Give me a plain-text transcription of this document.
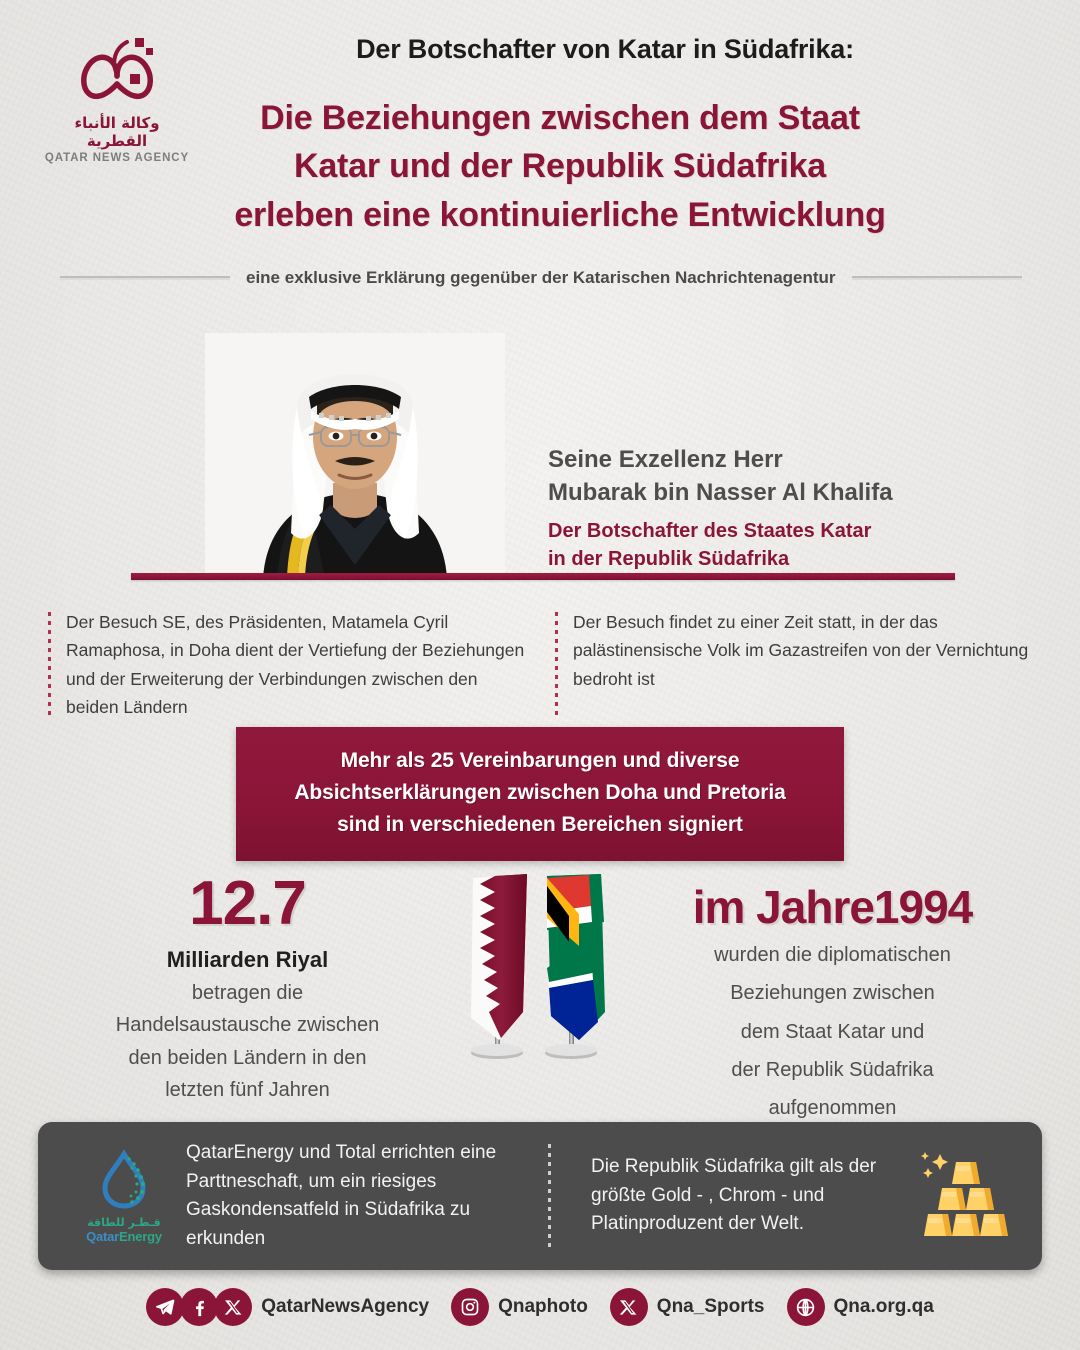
وكالة الأنباء القطرية
QATAR NEWS AGENCY
Der Botschafter von Katar in Südafrika:
Die Beziehungen zwischen dem Staat
Katar und der Republik Südafrika
erleben eine kontinuierliche Entwicklung
eine exklusive Erklärung gegenüber der Katarischen Nachrichtenagentur
Seine Exzellenz Herr
Mubarak bin Nasser Al Khalifa
Der Botschafter des Staates Katar
in der Republik Südafrika
Der Besuch SE, des Präsidenten, Matamela Cyril Ramaphosa, in Doha dient der Vertiefung der Beziehungen und der Erweiterung der Verbindungen zwischen den beiden Ländern
Der Besuch findet zu einer Zeit statt, in der das palästinensische Volk im Gazastreifen von der Vernichtung bedroht ist
Mehr als 25 Vereinbarungen und diverse
Absichtserklärungen zwischen Doha und Pretoria
sind in verschiedenen Bereichen signiert
12.7
Milliarden Riyal
betragen die
Handelsaustausche zwischen
den beiden Ländern in den
letzten fünf Jahren
im Jahre1994
wurden die diplomatischen
Beziehungen zwischen
dem Staat Katar und
der Republik Südafrika
aufgenommen
قـطـر للطاقة
QatarEnergy
QatarEnergy und Total errichten eine Parttneschaft, um ein riesiges Gaskondensatfeld in Südafrika zu erkunden
Die Republik Südafrika gilt als der größte Gold - , Chrom - und Platinproduzent der Welt.
QatarNewsAgency	Qnaphoto	Qna_Sports	Qna.org.qa
